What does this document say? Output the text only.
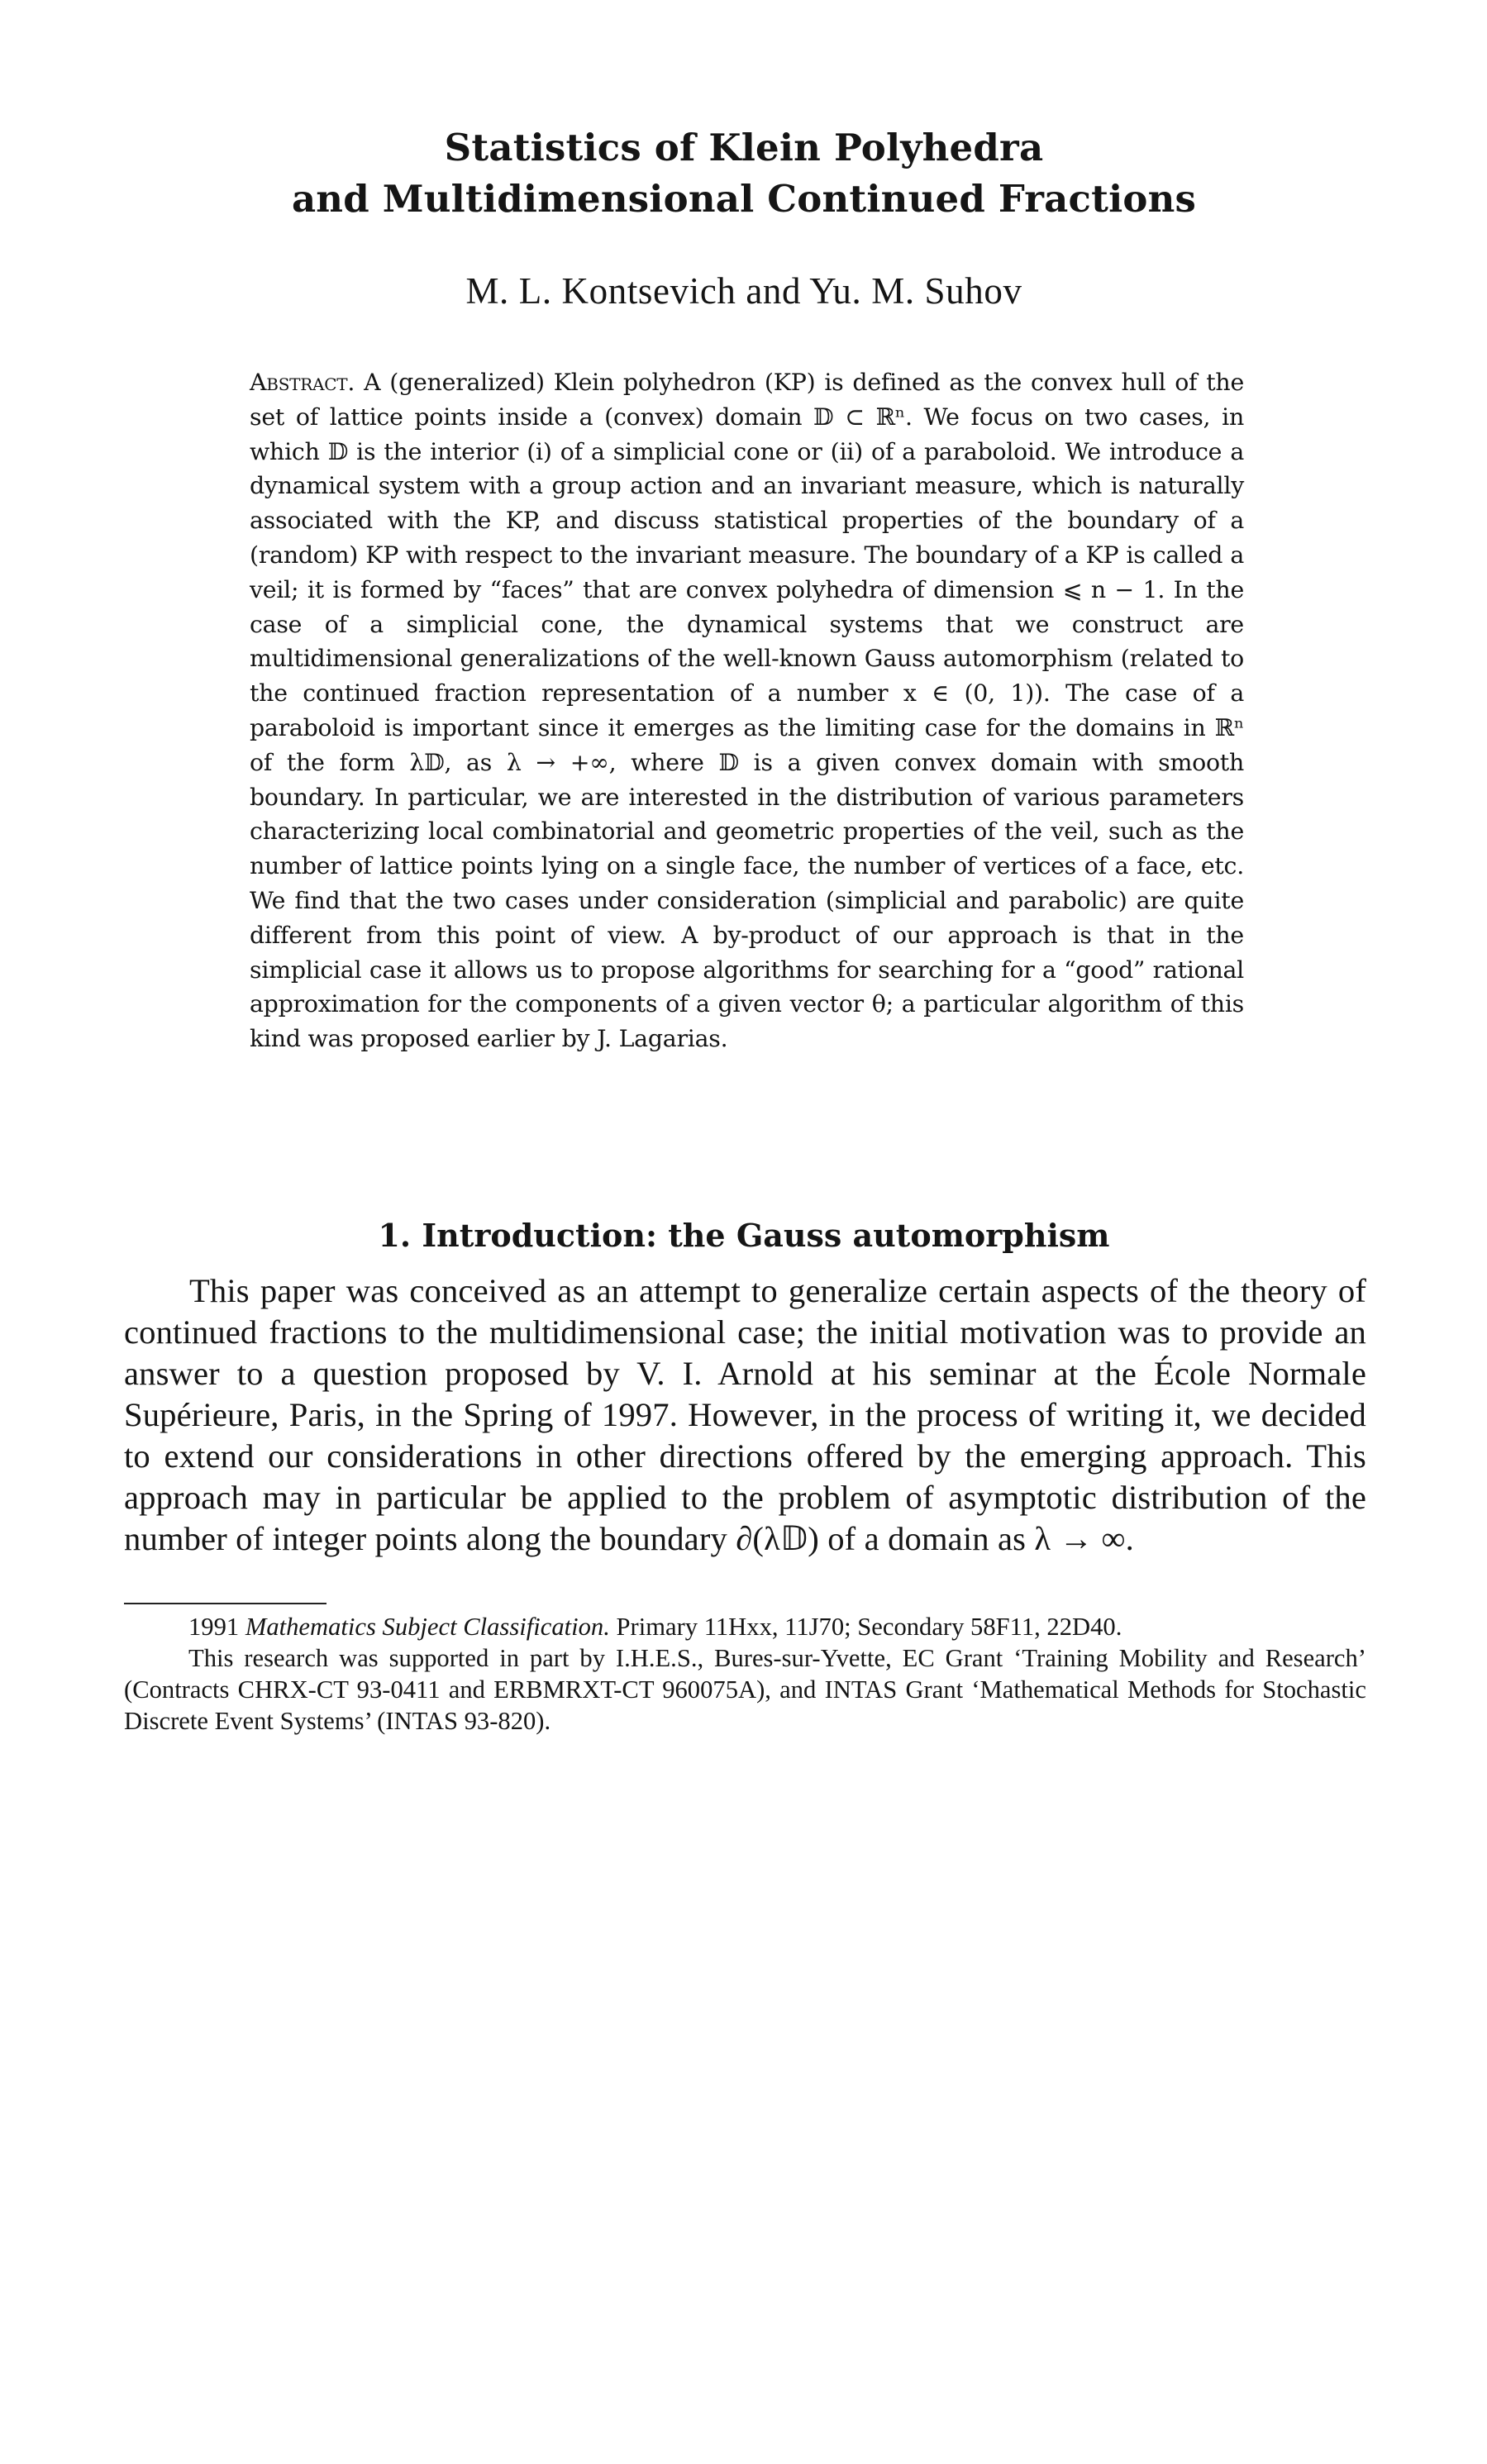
Statistics of Klein Polyhedra
and Multidimensional Continued Fractions
M. L. Kontsevich and Yu. M. Suhov
Abstract. A (generalized) Klein polyhedron (KP) is defined as the convex hull of the set of lattice points inside a (convex) domain 𝔻 ⊂ ℝⁿ. We focus on two cases, in which 𝔻 is the interior (i) of a simplicial cone or (ii) of a paraboloid. We introduce a dynamical system with a group action and an invariant measure, which is naturally associated with the KP, and discuss statistical properties of the boundary of a (random) KP with respect to the invariant measure. The boundary of a KP is called a veil; it is formed by “faces” that are convex polyhedra of dimension ⩽ n − 1. In the case of a simplicial cone, the dynamical systems that we construct are multidimensional generalizations of the well-known Gauss automorphism (related to the continued fraction representation of a number x ∈ (0, 1)). The case of a paraboloid is important since it emerges as the limiting case for the domains in ℝⁿ of the form λ𝔻, as λ → +∞, where 𝔻 is a given convex domain with smooth boundary. In particular, we are interested in the distribution of various parameters characterizing local combinatorial and geometric properties of the veil, such as the number of lattice points lying on a single face, the number of vertices of a face, etc. We find that the two cases under consideration (simplicial and parabolic) are quite different from this point of view. A by-product of our approach is that in the simplicial case it allows us to propose algorithms for searching for a “good” rational approximation for the components of a given vector θ; a particular algorithm of this kind was proposed earlier by J. Lagarias.
1. Introduction: the Gauss automorphism
This paper was conceived as an attempt to generalize certain aspects of the theory of continued fractions to the multidimensional case; the initial motivation was to provide an answer to a question proposed by V. I. Arnold at his seminar at the École Normale Supérieure, Paris, in the Spring of 1997. However, in the process of writing it, we decided to extend our considerations in other directions offered by the emerging approach. This approach may in particular be applied to the problem of asymptotic distribution of the number of integer points along the boundary ∂(λ𝔻) of a domain as λ → ∞.

1991 Mathematics Subject Classification. Primary 11Hxx, 11J70; Secondary 58F11, 22D40.

This research was supported in part by I.H.E.S., Bures-sur-Yvette, EC Grant ‘Training Mobility and Research’ (Contracts CHRX-CT 93-0411 and ERBMRXT-CT 960075A), and INTAS Grant ‘Mathematical Methods for Stochastic Discrete Event Systems’ (INTAS 93-820).
